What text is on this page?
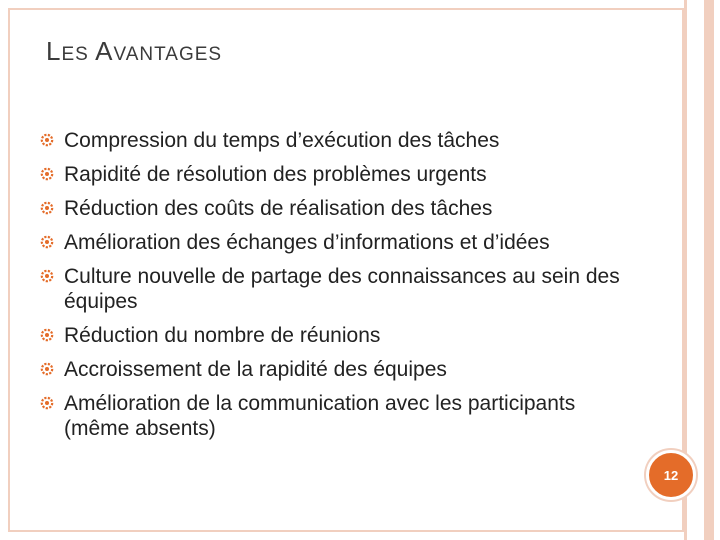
LES AVANTAGES
Compression du temps d’exécution des tâches
Rapidité de résolution des problèmes urgents
Réduction des coûts de réalisation des tâches
Amélioration des échanges d’informations et d’idées
Culture nouvelle de partage des connaissances au sein des équipes
Réduction du nombre de réunions
Accroissement de la rapidité des équipes
Amélioration de la communication avec les participants (même absents)
12
